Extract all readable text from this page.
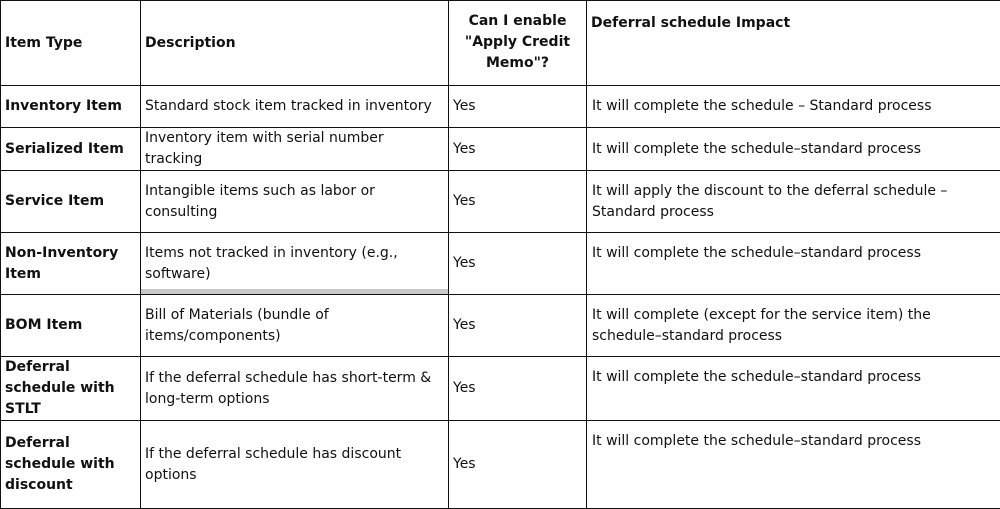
Item Type	Description	Can I enable "Apply Credit Memo"?	Deferral schedule Impact
Inventory Item	Standard stock item tracked in inventory	Yes	It will complete the schedule – Standard process
Serialized Item	Inventory item with serial number tracking	Yes	It will complete the schedule–standard process
Service Item	Intangible items such as labor or consulting	Yes	It will apply the discount to the deferral schedule – Standard process
Non-Inventory Item	Items not tracked in inventory (e.g., software)	Yes	It will complete the schedule–standard process
BOM Item	Bill of Materials (bundle of items/components)	Yes	It will complete (except for the service item) the schedule–standard process
Deferral schedule with STLT	If the deferral schedule has short-term & long-term options	Yes	It will complete the schedule–standard process
Deferral schedule with discount	If the deferral schedule has discount options	Yes	It will complete the schedule–standard process
